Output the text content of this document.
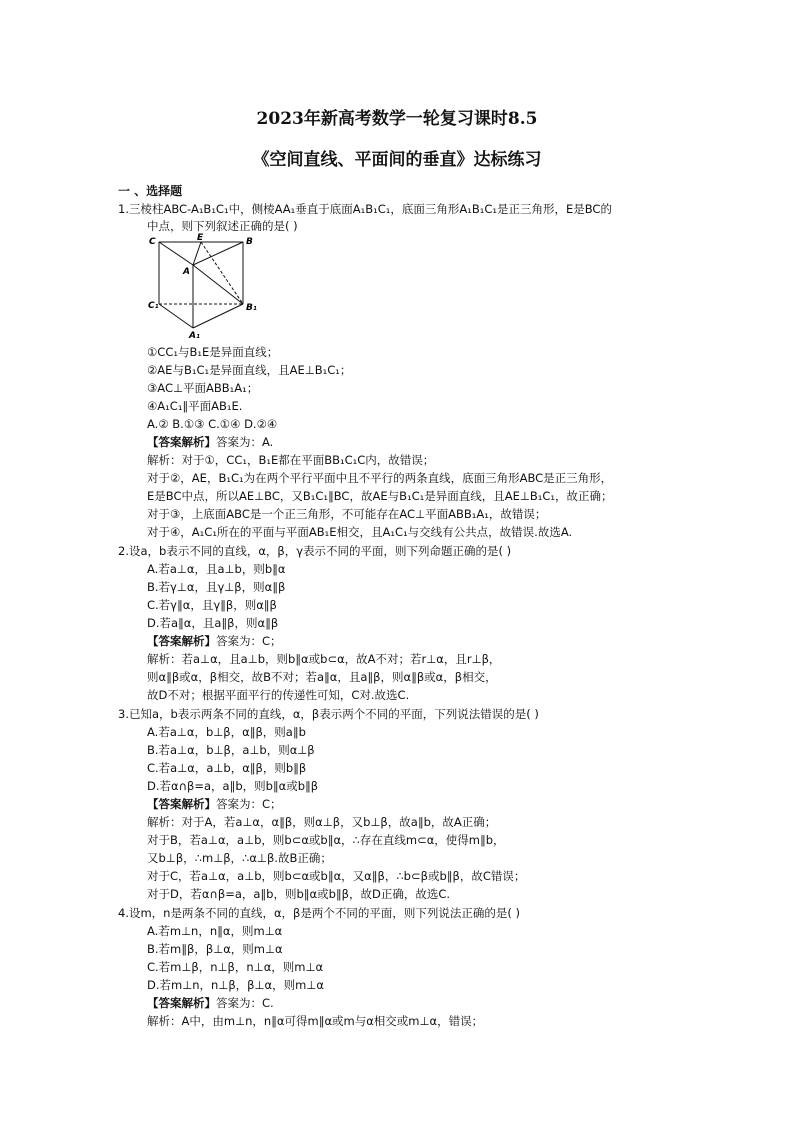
2023年新高考数学一轮复习课时8.5
《空间直线、平面间的垂直》达标练习
一 、选择题
1.三棱柱ABC-A₁B₁C₁中，侧棱AA₁垂直于底面A₁B₁C₁，底面三角形A₁B₁C₁是正三角形，E是BC的
中点，则下列叙述正确的是( )
C	E	B
A
C₁	B₁
A₁
①CC₁与B₁E是异面直线；
②AE与B₁C₁是异面直线，且AE⊥B₁C₁；
③AC⊥平面ABB₁A₁；
④A₁C₁∥平面AB₁E.
A.② B.①③ C.①④ D.②④
【答案解析】答案为：A.
解析：对于①，CC₁，B₁E都在平面BB₁C₁C内，故错误；
对于②，AE，B₁C₁为在两个平行平面中且不平行的两条直线，底面三角形ABC是正三角形，
E是BC中点，所以AE⊥BC，又B₁C₁∥BC，故AE与B₁C₁是异面直线，且AE⊥B₁C₁，故正确；
对于③，上底面ABC是一个正三角形，不可能存在AC⊥平面ABB₁A₁，故错误；
对于④，A₁C₁所在的平面与平面AB₁E相交，且A₁C₁与交线有公共点，故错误.故选A.
2.设a，b表示不同的直线，α，β，γ表示不同的平面，则下列命题正确的是( )
A.若a⊥α，且a⊥b，则b∥α
B.若γ⊥α，且γ⊥β，则α∥β
C.若γ∥α，且γ∥β，则α∥β
D.若a∥α，且a∥β，则α∥β
【答案解析】答案为：C；
解析：若a⊥α，且a⊥b，则b∥α或b⊂α，故A不对；若r⊥α，且r⊥β，
则α∥β或α，β相交，故B不对；若a∥α，且a∥β，则α∥β或α，β相交，
故D不对；根据平面平行的传递性可知，C对.故选C.
3.已知a，b表示两条不同的直线，α，β表示两个不同的平面，下列说法错误的是( )
A.若a⊥α，b⊥β，α∥β，则a∥b
B.若a⊥α，b⊥β，a⊥b，则α⊥β
C.若a⊥α，a⊥b，α∥β，则b∥β
D.若α∩β=a，a∥b，则b∥α或b∥β
【答案解析】答案为：C；
解析：对于A，若a⊥α，α∥β，则α⊥β，又b⊥β，故a∥b，故A正确；
对于B，若a⊥α，a⊥b，则b⊂α或b∥α，∴存在直线m⊂α，使得m∥b，
又b⊥β，∴m⊥β，∴α⊥β.故B正确；
对于C，若a⊥α，a⊥b，则b⊂α或b∥α，又α∥β，∴b⊂β或b∥β，故C错误；
对于D，若α∩β=a，a∥b，则b∥α或b∥β，故D正确，故选C.
4.设m，n是两条不同的直线，α，β是两个不同的平面，则下列说法正确的是( )
A.若m⊥n，n∥α，则m⊥α
B.若m∥β，β⊥α，则m⊥α
C.若m⊥β，n⊥β，n⊥α，则m⊥α
D.若m⊥n，n⊥β，β⊥α，则m⊥α
【答案解析】答案为：C.
解析：A中，由m⊥n，n∥α可得m∥α或m与α相交或m⊥α，错误；
